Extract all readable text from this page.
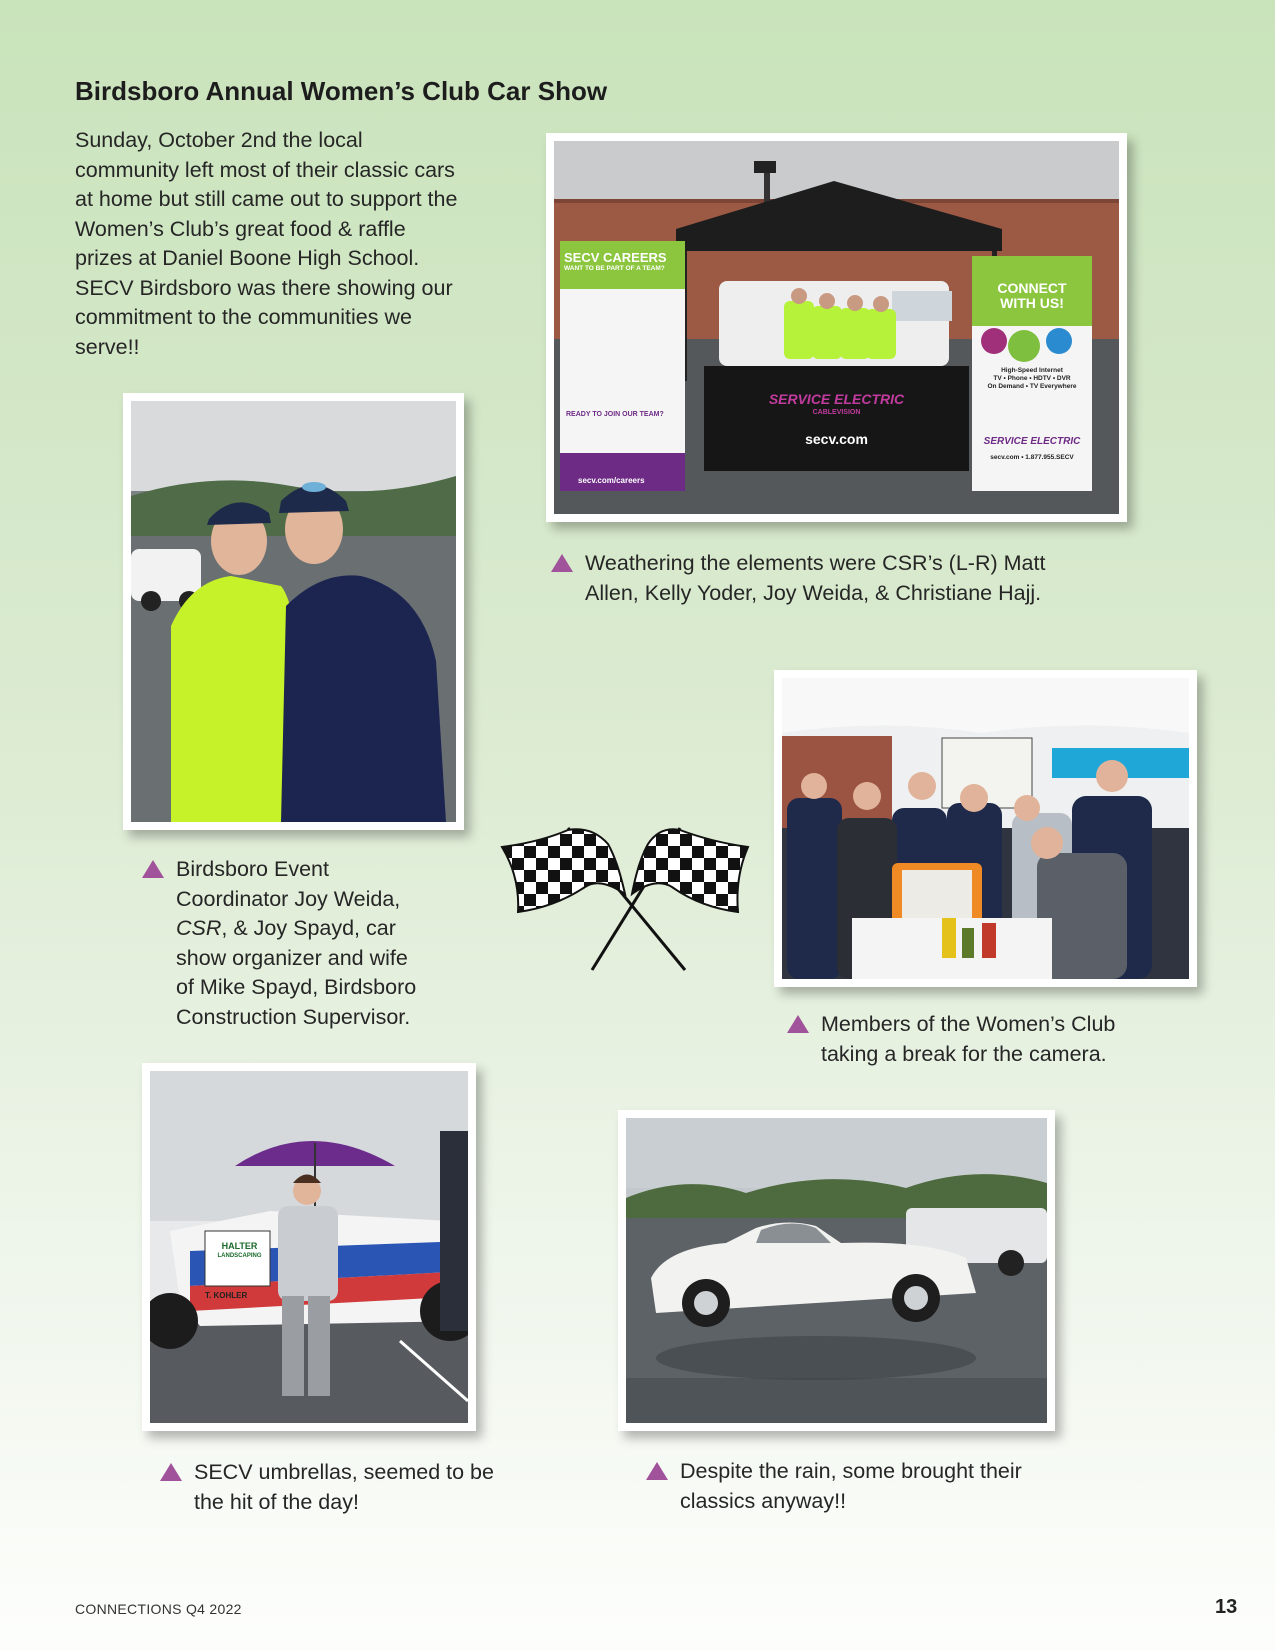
Birdsboro Annual Women’s Club Car Show

Sunday, October 2nd the local community left most of their classic cars at home but still came out to support the Women’s Club’s great food & raffle prizes at Daniel Boone High School. SECV Birdsboro was there showing our commitment to the communities we serve!!

SECV CAREERS
WANT TO BE PART OF A TEAM?
READY TO JOIN OUR TEAM?
secv.com/careers
CONNECT
WITH US!
High-Speed Internet
TV • Phone • HDTV • DVR
On Demand • TV Everywhere
SERVICE ELECTRIC
secv.com • 1.877.955.SECV
SERVICE ELECTRIC
CABLEVISION
secv.com

Weathering the elements were CSR’s (L-R) Matt Allen, Kelly Yoder, Joy Weida, & Christiane Hajj.

Birdsboro Event
Coordinator Joy Weida,
CSR, & Joy Spayd, car
show organizer and wife
of Mike Spayd, Birdsboro
Construction Supervisor.	Members of the Women’s Club taking a break for the camera.

HALTER
LANDSCAPING
T. KOHLER

SECV umbrellas, seemed to be the hit of the day!

Despite the rain, some brought their classics anyway!!

CONNECTIONS Q4 2022	13
